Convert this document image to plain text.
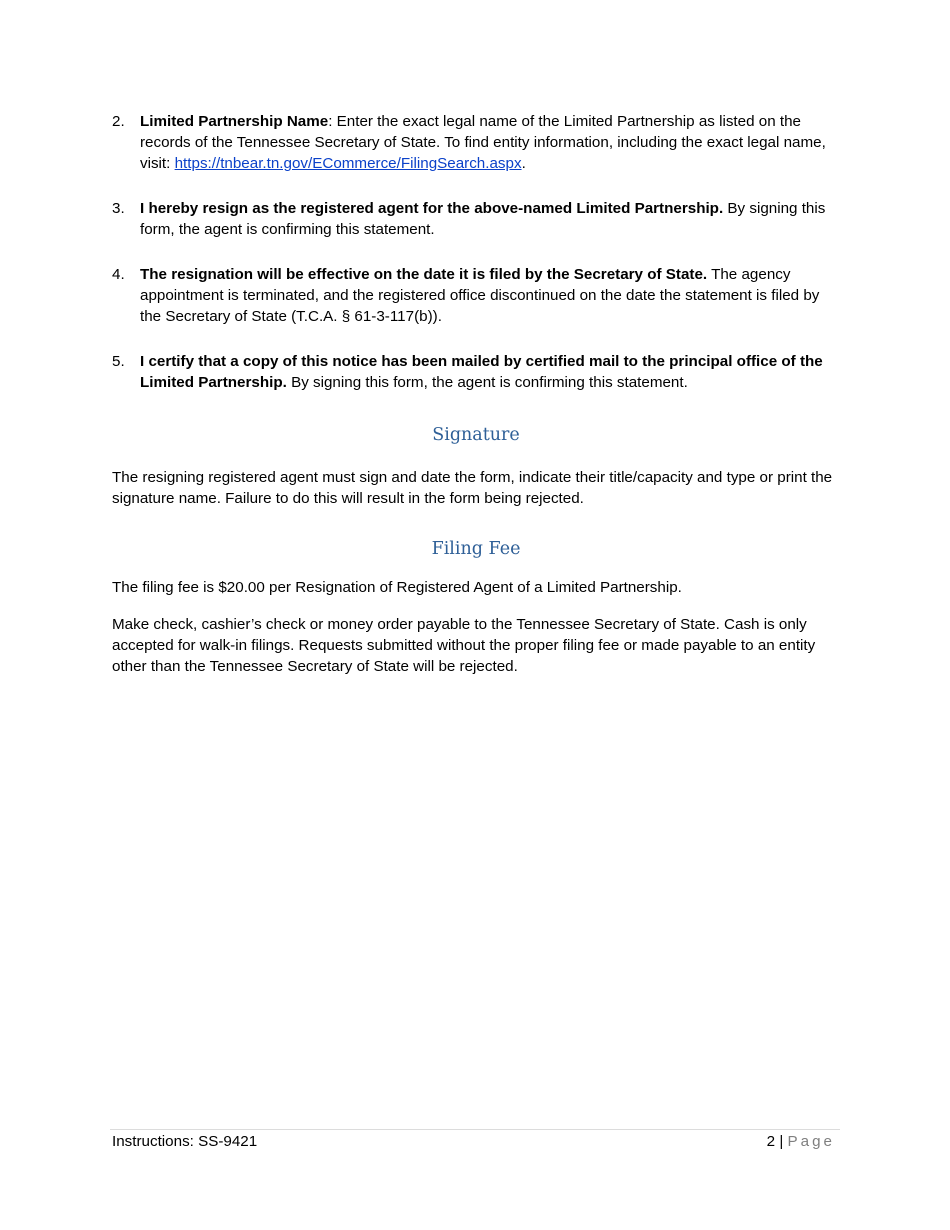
2. Limited Partnership Name: Enter the exact legal name of the Limited Partnership as listed on the records of the Tennessee Secretary of State. To find entity information, including the exact legal name, visit: https://tnbear.tn.gov/ECommerce/FilingSearch.aspx.
3. I hereby resign as the registered agent for the above-named Limited Partnership. By signing this form, the agent is confirming this statement.
4. The resignation will be effective on the date it is filed by the Secretary of State. The agency appointment is terminated, and the registered office discontinued on the date the statement is filed by the Secretary of State (T.C.A. § 61-3-117(b)).
5. I certify that a copy of this notice has been mailed by certified mail to the principal office of the Limited Partnership. By signing this form, the agent is confirming this statement.
Signature

The resigning registered agent must sign and date the form, indicate their title/capacity and type or print the signature name. Failure to do this will result in the form being rejected.

Filing Fee

The filing fee is $20.00 per Resignation of Registered Agent of a Limited Partnership.

Make check, cashier’s check or money order payable to the Tennessee Secretary of State. Cash is only accepted for walk-in filings. Requests submitted without the proper filing fee or made payable to an entity other than the Tennessee Secretary of State will be rejected.

Instructions: SS-9421	2 | Page
